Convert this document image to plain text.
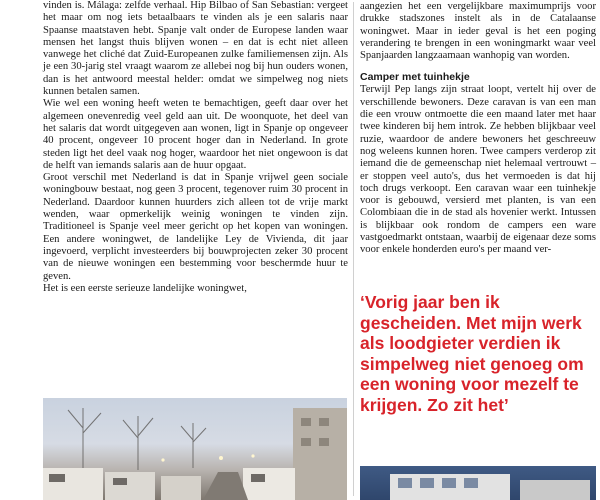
vinden is. Málaga: zelfde verhaal. Hip Bilbao of San Sebastian: vergeet het maar om nog iets betaalbaars te vinden als je een salaris naar Spaanse maatstaven hebt. Spanje valt onder de Europese landen waar mensen het langst thuis blijven wonen – en dat is echt niet alleen vanwege het cliché dat Zuid-Europeanen zulke familiemensen zijn. Als je een 30-jarig stel vraagt waarom ze allebei nog bij hun ouders wonen, dan is het antwoord meestal helder: omdat we simpelweg nog niets kunnen betalen samen.

Wie wel een woning heeft weten te bemachtigen, geeft daar over het algemeen onevenredig veel geld aan uit. De woonquote, het deel van het salaris dat wordt uitgegeven aan wonen, ligt in Spanje op ongeveer 40 procent, ongeveer 10 procent hoger dan in Nederland. In grote steden ligt het deel vaak nog hoger, waardoor het niet ongewoon is dat de helft van iemands salaris aan de huur opgaat.

Groot verschil met Nederland is dat in Spanje vrijwel geen sociale woningbouw bestaat, nog geen 3 procent, tegenover ruim 30 procent in Nederland. Daardoor kunnen huurders zich alleen tot de vrije markt wenden, waar opmerkelijk weinig woningen te vinden zijn. Traditioneel is Spanje veel meer gericht op het kopen van woningen. Een andere woningwet, de landelijke Ley de Vivienda, dit jaar ingevoerd, verplicht investeerders bij bouwprojecten zeker 30 procent van de nieuwe woningen een bestemming voor beschermde huur te geven.

Het is een eerste serieuze landelijke woningwet,

aangezien het een vergelijkbare maximumprijs voor drukke stadszones instelt als in de Catalaanse woningwet. Maar in ieder geval is het een poging verandering te brengen in een woningmarkt waar veel Spanjaarden langzaamaan wanhopig van worden.

Camper met tuinhekje

Terwijl Pep langs zijn straat loopt, vertelt hij over de verschillende bewoners. Deze caravan is van een man die een vrouw ontmoette die een maand later met haar twee kinderen bij hem introk. Ze hebben blijkbaar veel ruzie, waardoor de andere bewoners het geschreeuw nog weleens kunnen horen. Twee campers verderop zit iemand die de gemeenschap niet helemaal vertrouwt – er stoppen veel auto's, dus het vermoeden is dat hij toch drugs verkoopt. Een caravan waar een tuinhekje voor is gebouwd, versierd met planten, is van een Colombiaan die in de stad als hovenier werkt. Intussen is blijkbaar ook rondom de campers een ware vastgoedmarkt ontstaan, waarbij de eigenaar deze soms voor enkele honderden euro's per maand ver-

‘Vorig jaar ben ik gescheiden. Met mijn werk als loodgieter verdien ik simpelweg niet genoeg om een woning voor mezelf te krijgen. Zo zit het’
